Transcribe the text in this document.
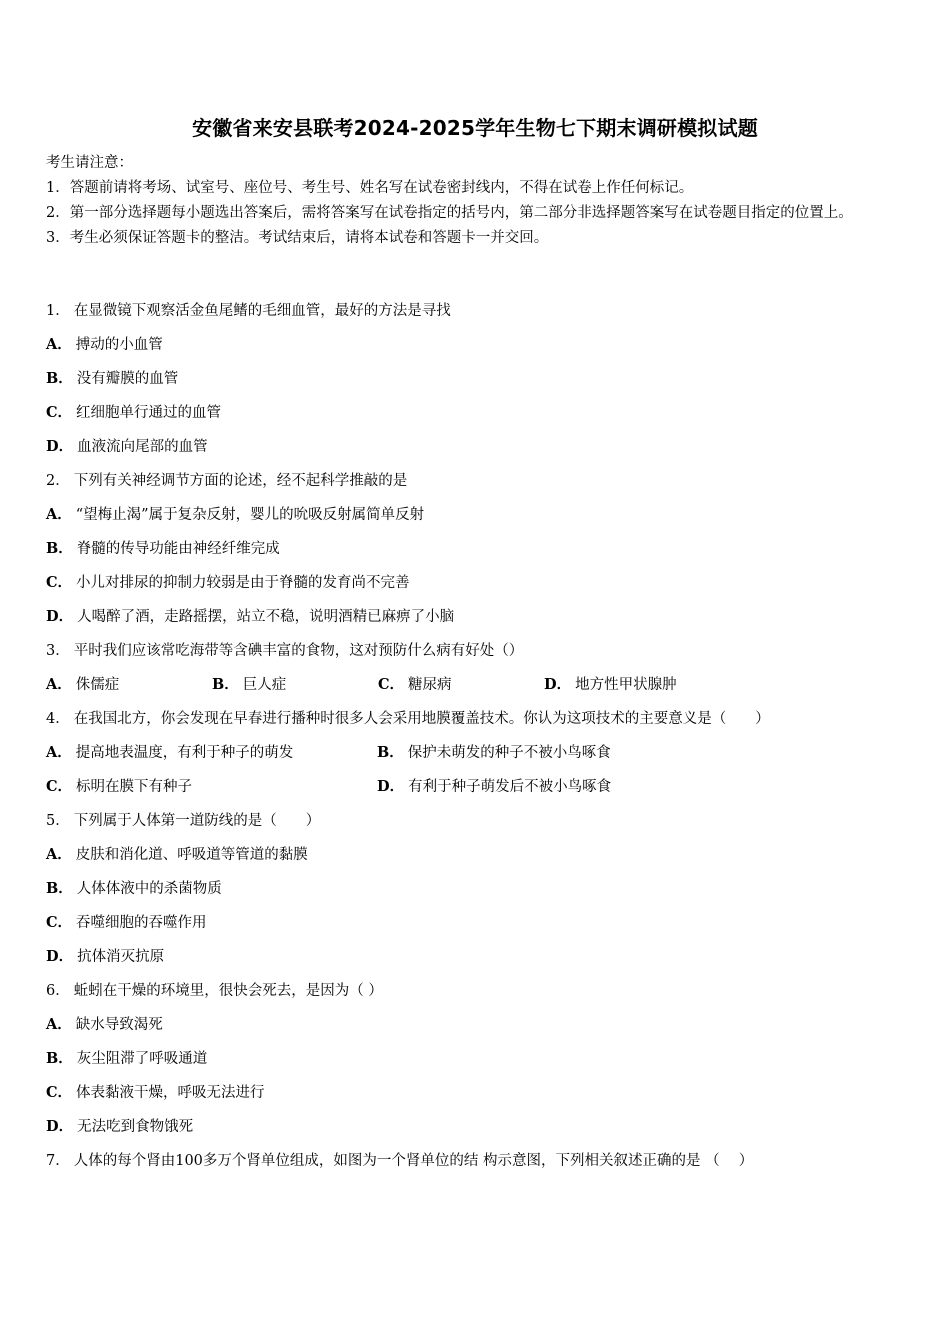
安徽省来安县联考2024-2025学年生物七下期末调研模拟试题

考生请注意：

1．答题前请将考场、试室号、座位号、考生号、姓名写在试卷密封线内，不得在试卷上作任何标记。

2．第一部分选择题每小题选出答案后，需将答案写在试卷指定的括号内，第二部分非选择题答案写在试卷题目指定的位置上。

3．考生必须保证答题卡的整洁。考试结束后，请将本试卷和答题卡一并交回。

1． 在显微镜下观察活金鱼尾鳍的毛细血管，最好的方法是寻找
A． 搏动的小血管
B． 没有瓣膜的血管
C． 红细胞单行通过的血管
D． 血液流向尾部的血管
2． 下列有关神经调节方面的论述，经不起科学推敲的是
A． “望梅止渴”属于复杂反射，婴儿的吮吸反射属简单反射
B． 脊髓的传导功能由神经纤维完成
C． 小儿对排尿的抑制力较弱是由于脊髓的发育尚不完善
D． 人喝醉了酒，走路摇摆，站立不稳，说明酒精已麻痹了小脑
3． 平时我们应该常吃海带等含碘丰富的食物，这对预防什么病有好处（）
A． 侏儒症	B． 巨人症	C． 糖尿病	D． 地方性甲状腺肿
4． 在我国北方，你会发现在早春进行播种时很多人会采用地膜覆盖技术。你认为这项技术的主要意义是（　　）
A． 提高地表温度，有利于种子的萌发	B． 保护未萌发的种子不被小鸟啄食
C． 标明在膜下有种子	D． 有利于种子萌发后不被小鸟啄食
5． 下列属于人体第一道防线的是（　　）
A． 皮肤和消化道、呼吸道等管道的黏膜
B． 人体体液中的杀菌物质
C． 吞噬细胞的吞噬作用
D． 抗体消灭抗原
6． 蚯蚓在干燥的环境里，很快会死去，是因为（ ）
A． 缺水导致渴死
B． 灰尘阻滞了呼吸通道
C． 体表黏液干燥，呼吸无法进行
D． 无法吃到食物饿死
7． 人体的每个肾由100多万个肾单位组成，如图为一个肾单位的结 构示意图，下列相关叙述正确的是 （　 ）
